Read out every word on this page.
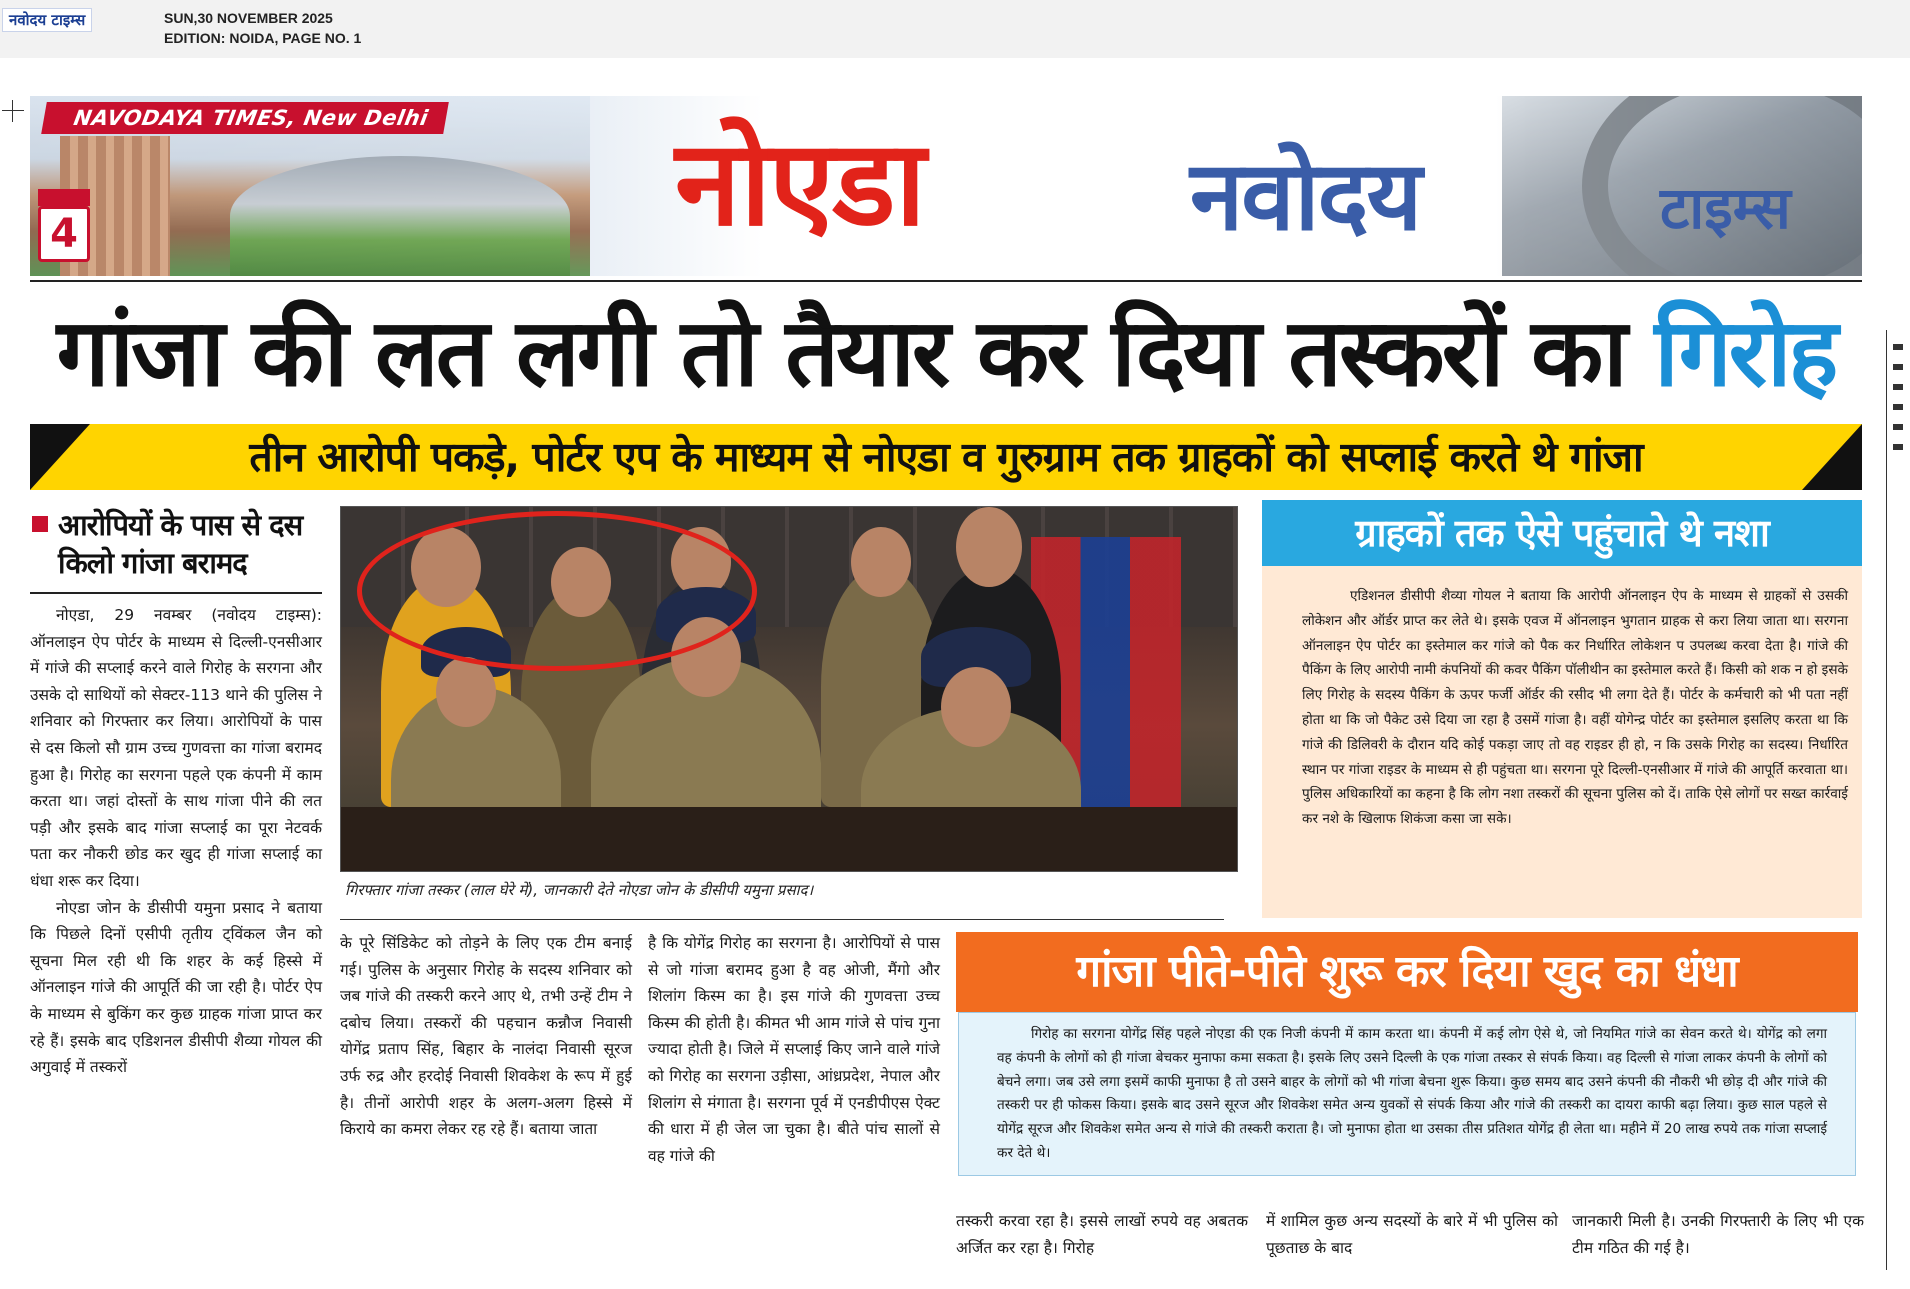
नवोदय टाइम्स	SUN,30 NOVEMBER 2025
EDITION: NOIDA, PAGE NO. 1
NAVODAYA TIMES, New Delhi
4	नोएडा	नवोदय	टाइम्स
गांजा की लत लगी तो तैयार कर दिया तस्करों का गिरोह
तीन आरोपी पकड़े, पोर्टर एप के माध्यम से नोएडा व गुरुग्राम तक ग्राहकों को सप्लाई करते थे गांजा
आरोपियों के पास से दस किलो गांजा बरामद

नोएडा, 29 नवम्बर (नवोदय टाइम्स): ऑनलाइन ऐप पोर्टर के माध्यम से दिल्ली-एनसीआर में गांजे की सप्लाई करने वाले गिरोह के सरगना और उसके दो साथियों को सेक्टर-113 थाने की पुलिस ने शनिवार को गिरफ्तार कर लिया। आरोपियों के पास से दस किलो सौ ग्राम उच्च गुणवत्ता का गांजा बरामद हुआ है। गिरोह का सरगना पहले एक कंपनी में काम करता था। जहां दोस्तों के साथ गांजा पीने की लत पड़ी और इसके बाद गांजा सप्लाई का पूरा नेटवर्क पता कर नौकरी छोड कर खुद ही गांजा सप्लाई का धंधा शरू कर दिया।

नोएडा जोन के डीसीपी यमुना प्रसाद ने बताया कि पिछले दिनों एसीपी तृतीय ट्विंकल जैन को सूचना मिल रही थी कि शहर के कई हिस्से में ऑनलाइन गांजे की आपूर्ति की जा रही है। पोर्टर ऐप के माध्यम से बुकिंग कर कुछ ग्राहक गांजा प्राप्त कर रहे हैं। इसके बाद एडिशनल डीसीपी शैव्या गोयल की अगुवाई में तस्करों

गिरफ्तार गांजा तस्कर (लाल घेरे में), जानकारी देते नोएडा जोन के डीसीपी यमुना प्रसाद।

के पूरे सिंडिकेट को तोड़ने के लिए एक टीम बनाई गई। पुलिस के अनुसार गिरोह के सदस्य शनिवार को जब गांजे की तस्करी करने आए थे, तभी उन्हें टीम ने दबोच लिया। तस्करों की पहचान कन्नौज निवासी योगेंद्र प्रताप सिंह, बिहार के नालंदा निवासी सूरज उर्फ रुद्र और हरदोई निवासी शिवकेश के रूप में हुई है। तीनों आरोपी शहर के अलग-अलग हिस्से में किराये का कमरा लेकर रह रहे हैं। बताया जाता

है कि योगेंद्र गिरोह का सरगना है। आरोपियों से पास से जो गांजा बरामद हुआ है वह ओजी, मैंगो और शिलांग किस्म का है। इस गांजे की गुणवत्ता उच्च किस्म की होती है। कीमत भी आम गांजे से पांच गुना ज्यादा होती है। जिले में सप्लाई किए जाने वाले गांजे को गिरोह का सरगना उड़ीसा, आंध्रप्रदेश, नेपाल और शिलांग से मंगाता है। सरगना पूर्व में एनडीपीएस ऐक्ट की धारा में ही जेल जा चुका है। बीते पांच सालों से वह गांजे की

ग्राहकों तक ऐसे पहुंचाते थे नशा

एडिशनल डीसीपी शैव्या गोयल ने बताया कि आरोपी ऑनलाइन ऐप के माध्यम से ग्राहकों से उसकी लोकेशन और ऑर्डर प्राप्त कर लेते थे। इसके एवज में ऑनलाइन भुगतान ग्राहक से करा लिया जाता था। सरगना ऑनलाइन ऐप पोर्टर का इस्तेमाल कर गांजे को पैक कर निर्धारित लोकेशन प उपलब्ध करवा देता है। गांजे की पैकिंग के लिए आरोपी नामी कंपनियों की कवर पैकिंग पॉलीथीन का इस्तेमाल करते हैं। किसी को शक न हो इसके लिए गिरोह के सदस्य पैकिंग के ऊपर फर्जी ऑर्डर की रसीद भी लगा देते हैं। पोर्टर के कर्मचारी को भी पता नहीं होता था कि जो पैकेट उसे दिया जा रहा है उसमें गांजा है। वहीं योगेन्द्र पोर्टर का इस्तेमाल इसलिए करता था कि गांजे की डिलिवरी के दौरान यदि कोई पकड़ा जाए तो वह राइडर ही हो, न कि उसके गिरोह का सदस्य। निर्धारित स्थान पर गांजा राइडर के माध्यम से ही पहुंचता था। सरगना पूरे दिल्ली-एनसीआर में गांजे की आपूर्ति करवाता था। पुलिस अधिकारियों का कहना है कि लोग नशा तस्करों की सूचना पुलिस को दें। ताकि ऐसे लोगों पर सख्त कार्रवाई कर नशे के खिलाफ शिकंजा कसा जा सके।

गांजा पीते-पीते शुरू कर दिया खुद का धंधा

गिरोह का सरगना योगेंद्र सिंह पहले नोएडा की एक निजी कंपनी में काम करता था। कंपनी में कई लोग ऐसे थे, जो नियमित गांजे का सेवन करते थे। योगेंद्र को लगा वह कंपनी के लोगों को ही गांजा बेचकर मुनाफा कमा सकता है। इसके लिए उसने दिल्ली के एक गांजा तस्कर से संपर्क किया। वह दिल्ली से गांजा लाकर कंपनी के लोगों को बेचने लगा। जब उसे लगा इसमें काफी मुनाफा है तो उसने बाहर के लोगों को भी गांजा बेचना शुरू किया। कुछ समय बाद उसने कंपनी की नौकरी भी छोड़ दी और गांजे की तस्करी पर ही फोकस किया। इसके बाद उसने सूरज और शिवकेश समेत अन्य युवकों से संपर्क किया और गांजे की तस्करी का दायरा काफी बढ़ा लिया। कुछ साल पहले से योगेंद्र सूरज और शिवकेश समेत अन्य से गांजे की तस्करी कराता है। जो मुनाफा होता था उसका तीस प्रतिशत योगेंद्र ही लेता था। महीने में 20 लाख रुपये तक गांजा सप्लाई कर देते थे।

तस्करी करवा रहा है। इससे लाखों रुपये वह अबतक अर्जित कर रहा है। गिरोह

में शामिल कुछ अन्य सदस्यों के बारे में भी पुलिस को पूछताछ के बाद

जानकारी मिली है। उनकी गिरफ्तारी के लिए भी एक टीम गठित की गई है।
